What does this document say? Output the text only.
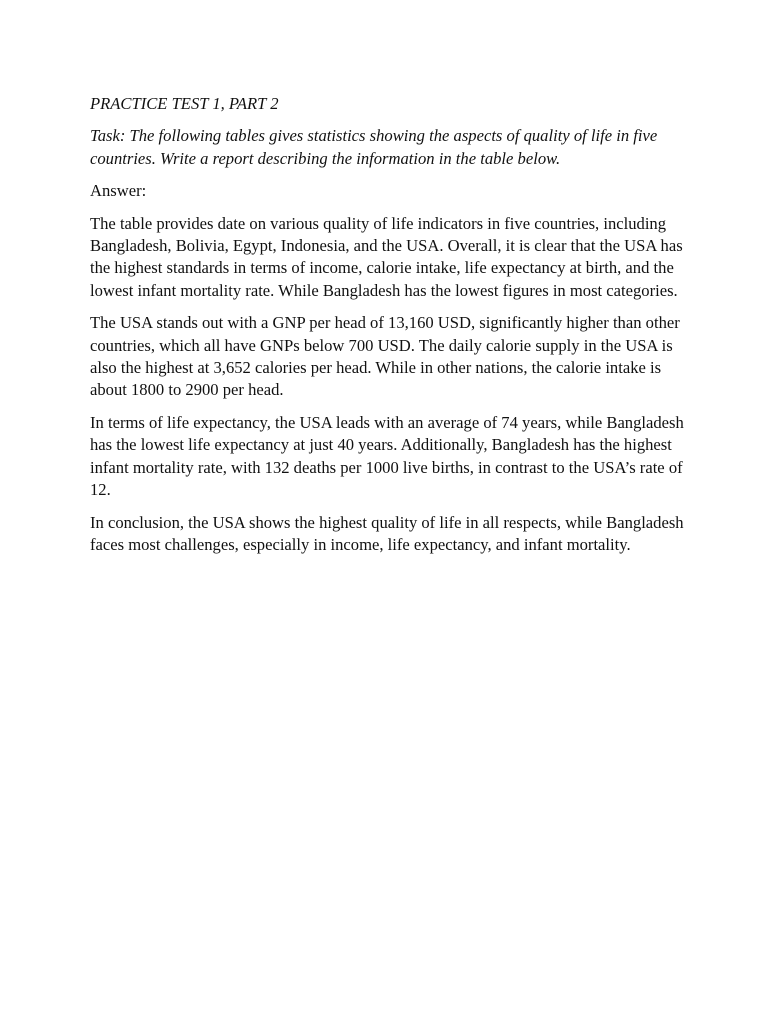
PRACTICE TEST 1, PART 2

Task: The following tables gives statistics showing the aspects of quality of life in five countries. Write a report describing the information in the table below.

Answer:

The table provides date on various quality of life indicators in five countries, including Bangladesh, Bolivia, Egypt, Indonesia, and the USA. Overall, it is clear that the USA has the highest standards in terms of income, calorie intake, life expectancy at birth, and the lowest infant mortality rate. While Bangladesh has the lowest figures in most categories.

The USA stands out with a GNP per head of 13,160 USD, significantly higher than other countries, which all have GNPs below 700 USD. The daily calorie supply in the USA is also the highest at 3,652 calories per head. While in other nations, the calorie intake is about 1800 to 2900 per head.

In terms of life expectancy, the USA leads with an average of 74 years, while Bangladesh has the lowest life expectancy at just 40 years. Additionally, Bangladesh has the highest infant mortality rate, with 132 deaths per 1000 live births, in contrast to the USA’s rate of 12.

In conclusion, the USA shows the highest quality of life in all respects, while Bangladesh faces most challenges, especially in income, life expectancy, and infant mortality.
